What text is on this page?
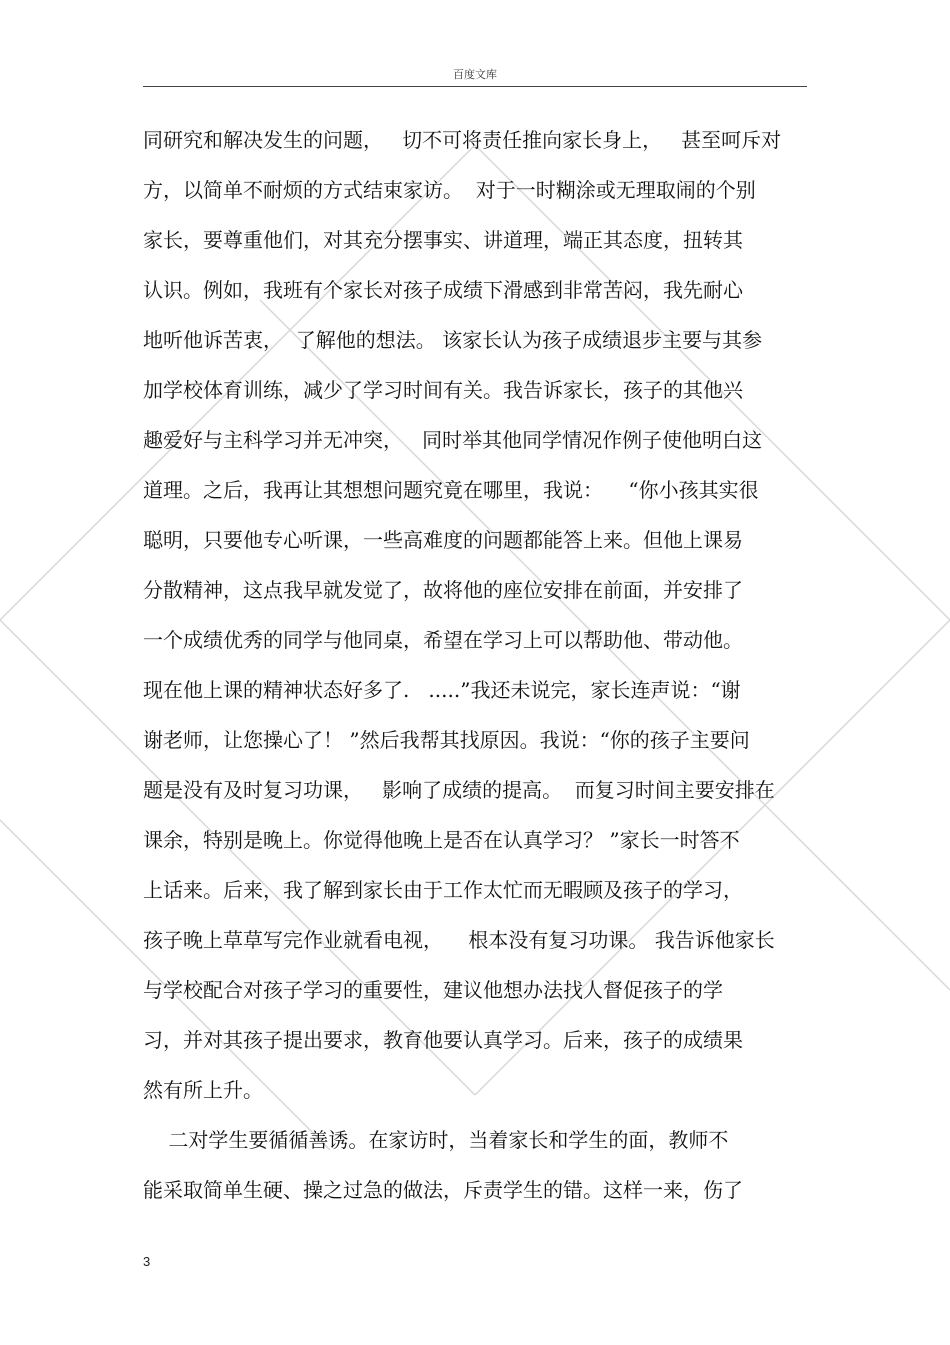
百度文库
同研究和解决发生的问题，   切不可将责任推向家长身上，   甚至呵斥对
方，以简单不耐烦的方式结束家访。  对于一时糊涂或无理取闹的个别
家长，要尊重他们，对其充分摆事实、讲道理，端正其态度，扭转其
认识。例如，我班有个家长对孩子成绩下滑感到非常苦闷，我先耐心
地听他诉苦衷，  了解他的想法。 该家长认为孩子成绩退步主要与其参
加学校体育训练，减少了学习时间有关。我告诉家长，孩子的其他兴
趣爱好与主科学习并无冲突，   同时举其他同学情况作例子使他明白这
道理。之后，我再让其想想问题究竟在哪里，我说：    “你小孩其实很
聪明，只要他专心听课，一些高难度的问题都能答上来。但他上课易
分散精神，这点我早就发觉了，故将他的座位安排在前面，并安排了
一个成绩优秀的同学与他同桌，希望在学习上可以帮助他、带动他。
现在他上课的精神状态好多了.   .....”我还未说完，家长连声说：“谢
谢老师，让您操心了！ ”然后我帮其找原因。我说：“你的孩子主要问
题是没有及时复习功课，   影响了成绩的提高。  而复习时间主要安排在
课余，特别是晚上。你觉得他晚上是否在认真学习？ ”家长一时答不
上话来。后来，我了解到家长由于工作太忙而无暇顾及孩子的学习，
孩子晚上草草写完作业就看电视，    根本没有复习功课。 我告诉他家长
与学校配合对孩子学习的重要性，建议他想办法找人督促孩子的学
习，并对其孩子提出要求，教育他要认真学习。后来，孩子的成绩果
然有所上升。
二对学生要循循善诱。在家访时，当着家长和学生的面，教师不
能采取简单生硬、操之过急的做法，斥责学生的错。这样一来，伤了
3
